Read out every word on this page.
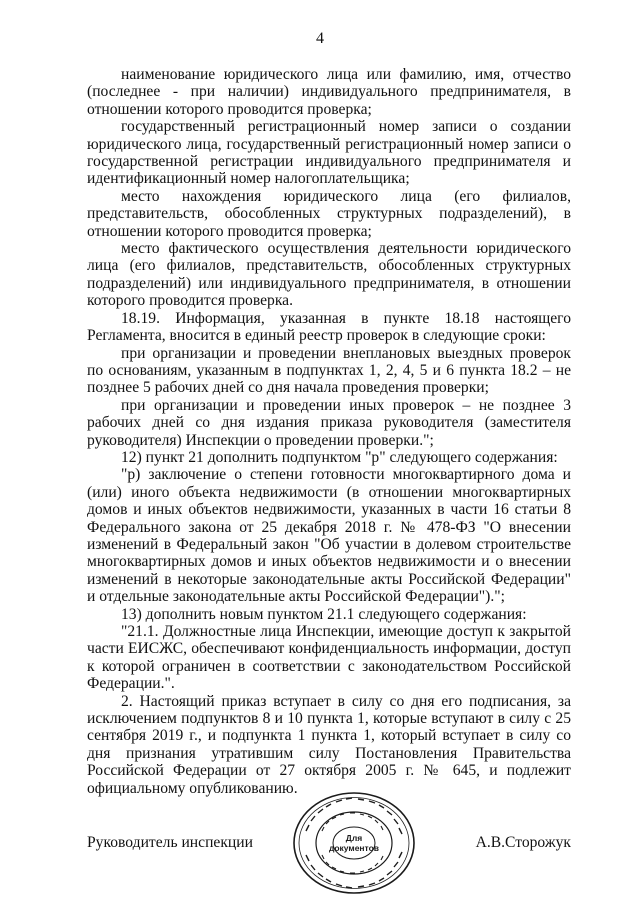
4

наименование юридического лица или фамилию, имя, отчество (последнее - при наличии) индивидуального предпринимателя, в отношении которого проводится проверка;

государственный регистрационный номер записи о создании юридического лица, государственный регистрационный номер записи о государственной регистрации индивидуального предпринимателя и идентификационный номер налогоплательщика;

место нахождения юридического лица (его филиалов, представительств, обособленных структурных подразделений), в отношении которого проводится проверка;

место фактического осуществления деятельности юридического лица (его филиалов, представительств, обособленных структурных подразделений) или индивидуального предпринимателя, в отношении которого проводится проверка.

18.19. Информация, указанная в пункте 18.18 настоящего Регламента, вносится в единый реестр проверок в следующие сроки:

при организации и проведении внеплановых выездных проверок по основаниям, указанным в подпунктах 1, 2, 4, 5 и 6 пункта 18.2 – не позднее 5 рабочих дней со дня начала проведения проверки;

при организации и проведении иных проверок – не позднее 3 рабочих дней со дня издания приказа руководителя (заместителя руководителя) Инспекции о проведении проверки.";

12) пункт 21 дополнить подпунктом "р" следующего содержания:

"р) заключение о степени готовности многоквартирного дома и (или) иного объекта недвижимости (в отношении многоквартирных домов и иных объектов недвижимости, указанных в части 16 статьи 8 Федерального закона от 25 декабря 2018 г. № 478-ФЗ "О внесении изменений в Федеральный закон "Об участии в долевом строительстве многоквартирных домов и иных объектов недвижимости и о внесении изменений в некоторые законодательные акты Российской Федерации" и отдельные законодательные акты Российской Федерации").";

13) дополнить новым пунктом 21.1 следующего содержания:

"21.1. Должностные лица Инспекции, имеющие доступ к закрытой части ЕИСЖС, обеспечивают конфиденциальность информации, доступ к которой ограничен в соответствии с законодательством Российской Федерации.".

2. Настоящий приказ вступает в силу со дня его подписания, за исключением подпунктов 8 и 10 пункта 1, которые вступают в силу с 25 сентября 2019 г., и подпункта 1 пункта 1, который вступает в силу со дня признания утратившим силу Постановления Правительства Российской Федерации от 27 октября 2005 г. № 645, и подлежит официальному опубликованию.

Для
документов
Руководитель инспекции	А.В.Сторожук
